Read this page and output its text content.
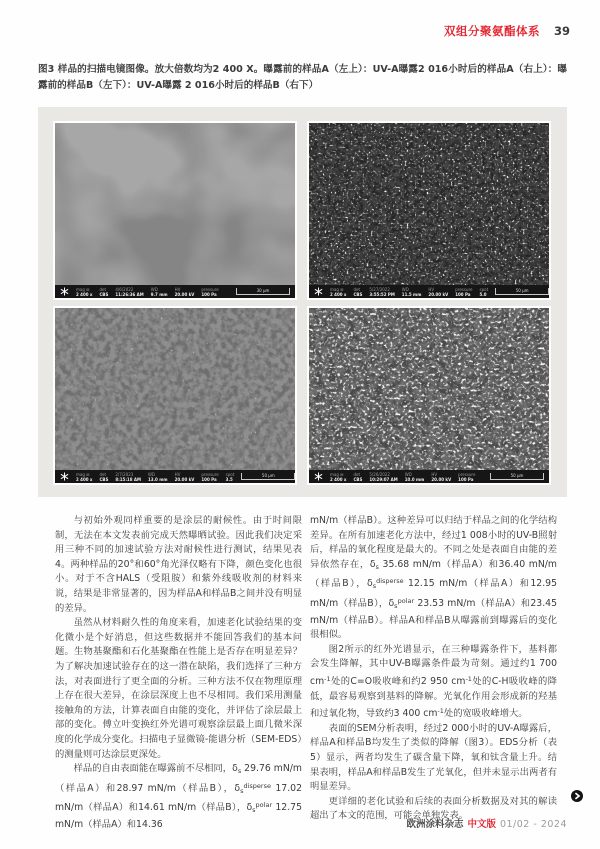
双组分聚氨酯体系 39
图3 样品的扫描电镜图像。放大倍数均为2 400 X。曝露前的样品A（左上）：UV-A曝露2 016小时后的样品A（右上）：曝露前的样品B（左下）：UV-A曝露 2 016小时后的样品B（右下）
mag ⊞
2 400 x
det
CBS
4/6/2022
11:26:36 AM
WD
9.7 mm
HV
20.00 kV
pressure
100 Pa
30 μm	mag ⊞
2 400 x
det
CBS
5/27/2022
3:55:52 PM
WD
11.5 mm
HV
20.00 kV
pressure
100 Pa
spot
5.0
50 μm
mag ⊞
2 400 x
det
CBS
2/7/2023
8:15:18 AM
WD
13.0 mm
HV
20.00 kV
pressure
100 Pa
spot
3.5
50 μm	mag ⊞
2 400 x
det
CBS
5/26/2022
10:29:07 AM
WD
10.0 mm
HV
20.00 kV
pressure
100 Pa
50 μm

与初始外观同样重要的是涂层的耐候性。由于时间限制，无法在本文发表前完成天然曝晒试验。因此我们决定采用三种不同的加速试验方法对耐候性进行测试，结果见表4。两种样品的20°和60°角光泽仅略有下降，颜色变化也很小。对于不含HALS（受阻胺）和紫外线吸收剂的材料来说，结果是非常显著的，因为样品A和样品B之间并没有明显的差异。

虽然从材料耐久性的角度来看，加速老化试验结果的变化微小是个好消息，但这些数据并不能回答我们的基本问题。生物基聚酯和石化基聚酯在性能上是否存在明显差异？为了解决加速试验存在的这一潜在缺陷，我们选择了三种方法，对表面进行了更全面的分析。三种方法不仅在物理原理上存在很大差异，在涂层深度上也不尽相同。我们采用测量接触角的方法，计算表面自由能的变化，并评估了涂层最上部的变化。傅立叶变换红外光谱可观察涂层最上面几微米深度的化学成分变化。扫描电子显微镜-能谱分析（SEM-EDS）的测量则可达涂层更深处。

样品的自由表面能在曝露前不尽相同，$\delta_s$ 29.76 mN/m（样品A）和28.97 mN/m（样品B），$\delta_s^{disperse}$ 17.02 mN/m（样品A）和14.61 mN/m（样品B），$\delta_s^{polar}$ 12.75 mN/m（样品A）和14.36

mN/m（样品B）。这种差异可以归结于样品之间的化学结构差异。在所有加速老化方法中，经过1 008小时的UV-B照射后，样品的氧化程度是最大的。不同之处是表面自由能的差异依然存在，$\delta_s$ 35.68 mN/m（样品A）和36.40 mN/m（样品B），$\delta_s^{disperse}$ 12.15 mN/m（样品A）和12.95 mN/m（样品B），$\delta_s^{polar}$ 23.53 mN/m（样品A）和23.45 mN/m（样品B）。样品A和样品B从曝露前到曝露后的变化很相似。

图2所示的红外光谱显示，在三种曝露条件下，基料都会发生降解，其中UV-B曝露条件最为苛刻。通过约1 700 $cm^{-1}$处的C=O吸收峰和约2 950 $cm^{-1}$处的C-H吸收峰的降低，最容易观察到基料的降解。光氧化作用会形成新的羟基和过氧化物，导致约3 400 $cm^{-1}$处的宽吸收峰增大。

表面的SEM分析表明，经过2 000小时的UV-A曝露后，样品A和样品B均发生了类似的降解（图3）。EDS分析（表5）显示，两者均发生了碳含量下降，氧和钛含量上升。结果表明，样品A和样品B发生了光氧化，但并未显示出两者有明显差异。

更详细的老化试验和后续的表面分析数据及对其的解读超出了本文的范围，可能会单独发表。

欧洲涂料杂志 中文版 01/02 - 2024
